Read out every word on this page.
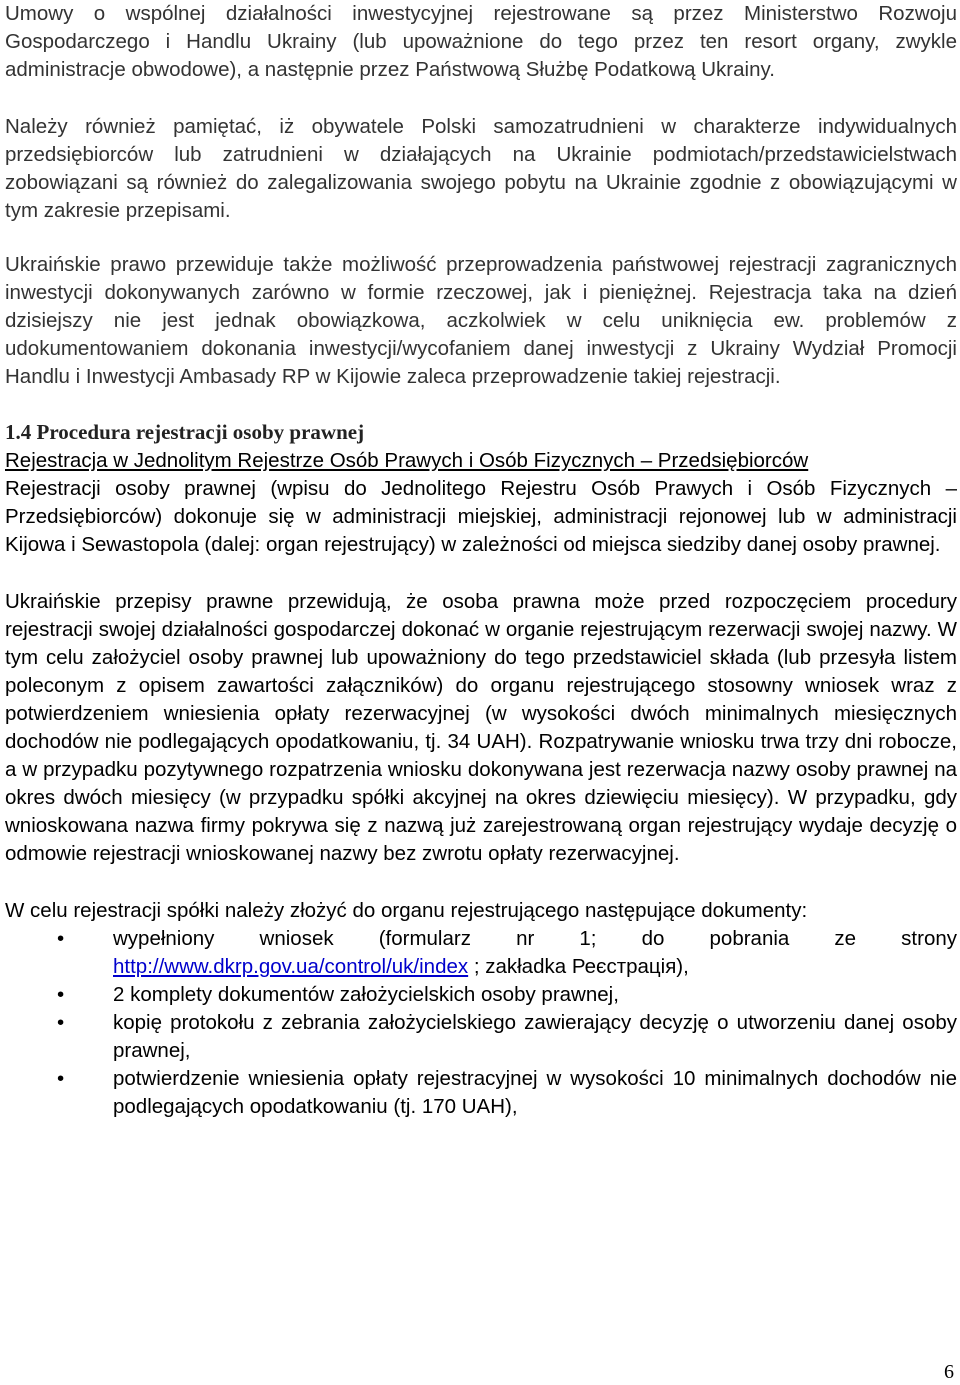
Umowy o wspólnej działalności inwestycyjnej rejestrowane są przez Ministerstwo Rozwoju Gospodarczego i Handlu Ukrainy (lub upoważnione do tego przez ten resort organy, zwykle administracje obwodowe), a następnie przez Państwową Służbę Podatkową Ukrainy.

Należy również pamiętać, iż obywatele Polski samozatrudnieni w charakterze indywidualnych przedsiębiorców lub zatrudnieni w działających na Ukrainie podmiotach/przedstawicielstwach zobowiązani są również do zalegalizowania swojego pobytu na Ukrainie zgodnie z obowiązującymi w tym zakresie przepisami.

Ukraińskie prawo przewiduje także możliwość przeprowadzenia państwowej rejestracji zagranicznych inwestycji dokonywanych zarówno w formie rzeczowej, jak i pieniężnej. Rejestracja taka na dzień dzisiejszy nie jest jednak obowiązkowa, aczkolwiek w celu uniknięcia ew. problemów z udokumentowaniem dokonania inwestycji/wycofaniem danej inwestycji z Ukrainy Wydział Promocji Handlu i Inwestycji Ambasady RP w Kijowie zaleca przeprowadzenie takiej rejestracji.

1.4 Procedura rejestracji osoby prawnej

Rejestracja w Jednolitym Rejestrze Osób Prawych i Osób Fizycznych – Przedsiębiorców

Rejestracji osoby prawnej (wpisu do Jednolitego Rejestru Osób Prawych i Osób Fizycznych – Przedsiębiorców) dokonuje się w administracji miejskiej, administracji rejonowej lub w administracji Kijowa i Sewastopola (dalej: organ rejestrujący) w zależności od miejsca siedziby danej osoby prawnej.

Ukraińskie przepisy prawne przewidują, że osoba prawna może przed rozpoczęciem procedury rejestracji swojej działalności gospodarczej dokonać w organie rejestrującym rezerwacji swojej nazwy. W tym celu założyciel osoby prawnej lub upoważniony do tego przedstawiciel składa (lub przesyła listem poleconym z opisem zawartości załączników) do organu rejestrującego stosowny wniosek wraz z potwierdzeniem wniesienia opłaty rezerwacyjnej (w wysokości dwóch minimalnych miesięcznych dochodów nie podlegających opodatkowaniu, tj. 34 UAH). Rozpatrywanie wniosku trwa trzy dni robocze, a w przypadku pozytywnego rozpatrzenia wniosku dokonywana jest rezerwacja nazwy osoby prawnej na okres dwóch miesięcy (w przypadku spółki akcyjnej na okres dziewięciu miesięcy). W przypadku, gdy wnioskowana nazwa firmy pokrywa się z nazwą już zarejestrowaną organ rejestrujący wydaje decyzję o odmowie rejestracji wnioskowanej nazwy bez zwrotu opłaty rezerwacyjnej.

W celu rejestracji spółki należy złożyć do organu rejestrującego następujące dokumenty:

• wypełniony wniosek (formularz nr 1; do pobrania ze strony http://www.dkrp.gov.ua/control/uk/index ; zakładka Реєстрація),
• 2 komplety dokumentów założycielskich osoby prawnej,
• kopię protokołu z zebrania założycielskiego zawierający decyzję o utworzeniu danej osoby prawnej,
• potwierdzenie wniesienia opłaty rejestracyjnej w wysokości 10 minimalnych dochodów nie podlegających opodatkowaniu (tj. 170 UAH),
6
